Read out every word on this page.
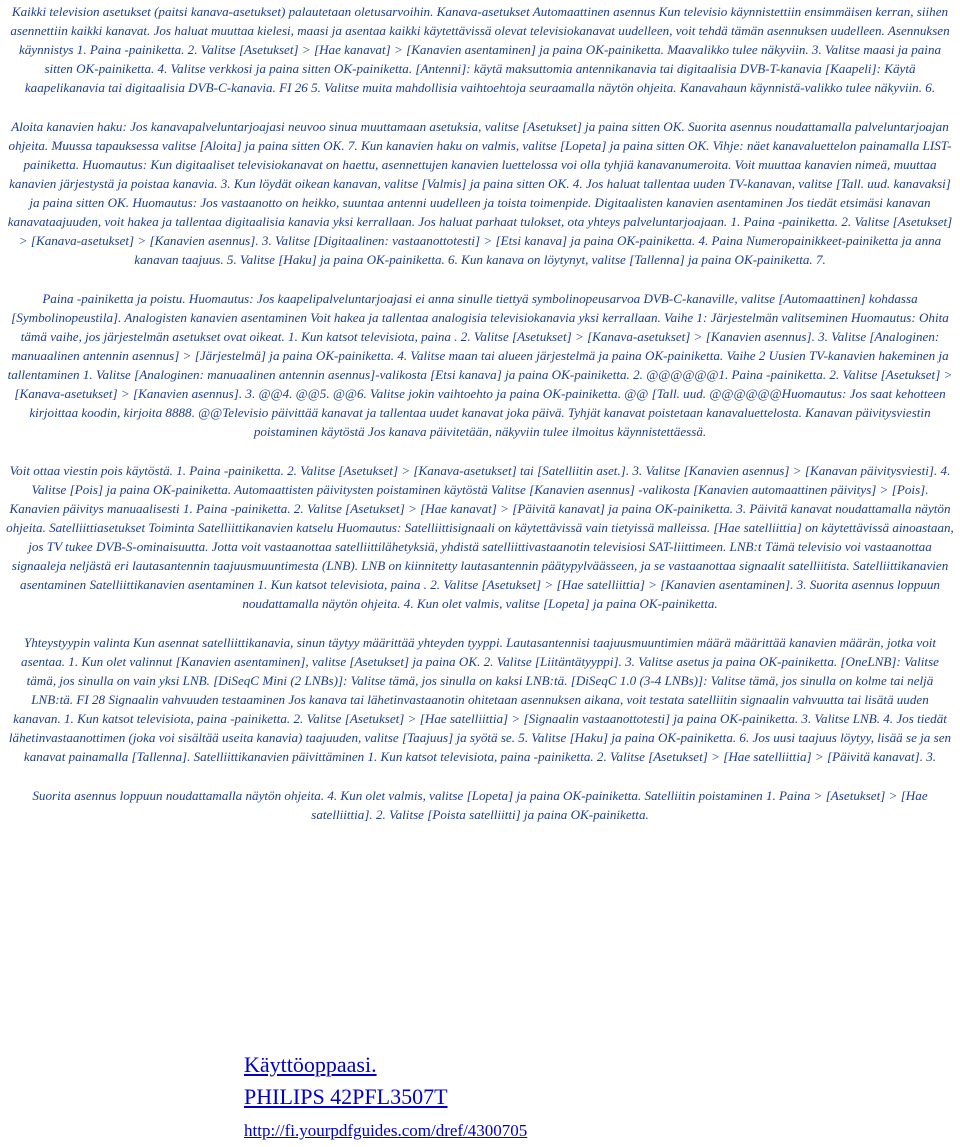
Kaikki television asetukset (paitsi kanava-asetukset) palautetaan oletusarvoihin. Kanava-asetukset Automaattinen asennus Kun televisio käynnistettiin ensimmäisen kerran, siihen asennettiin kaikki kanavat. Jos haluat muuttaa kielesi, maasi ja asentaa kaikki käytettävissä olevat televisiokanavat uudelleen, voit tehdä tämän asennuksen uudelleen. Asennuksen käynnistys 1. Paina -painiketta. 2. Valitse [Asetukset] > [Hae kanavat] > [Kanavien asentaminen] ja paina OK-painiketta. Maavalikko tulee näkyviin. 3. Valitse maasi ja paina sitten OK-painiketta. 4. Valitse verkkosi ja paina sitten OK-painiketta. [Antenni]: käytä maksuttomia antennikanavia tai digitaalisia DVB-T-kanavia [Kaapeli]: Käytä kaapelikanavia tai digitaalisia DVB-C-kanavia. FI 26 5. Valitse muita mahdollisia vaihtoehtoja seuraamalla näytön ohjeita. Kanavahaun käynnistä-valikko tulee näkyviin. 6.

Aloita kanavien haku: Jos kanavapalveluntarjoajasi neuvoo sinua muuttamaan asetuksia, valitse [Asetukset] ja paina sitten OK. Suorita asennus noudattamalla palveluntarjoajan ohjeita. Muussa tapauksessa valitse [Aloita] ja paina sitten OK. 7. Kun kanavien haku on valmis, valitse [Lopeta] ja paina sitten OK. Vihje: näet kanavaluettelon painamalla LIST-painiketta. Huomautus: Kun digitaaliset televisiokanavat on haettu, asennettujen kanavien luettelossa voi olla tyhjiä kanavanumeroita. Voit muuttaa kanavien nimeä, muuttaa kanavien järjestystä ja poistaa kanavia. 3. Kun löydät oikean kanavan, valitse [Valmis] ja paina sitten OK. 4. Jos haluat tallentaa uuden TV-kanavan, valitse [Tall. uud. kanavaksi] ja paina sitten OK. Huomautus: Jos vastaanotto on heikko, suuntaa antenni uudelleen ja toista toimenpide. Digitaalisten kanavien asentaminen Jos tiedät etsimäsi kanavan kanavataajuuden, voit hakea ja tallentaa digitaalisia kanavia yksi kerrallaan. Jos haluat parhaat tulokset, ota yhteys palveluntarjoajaan. 1. Paina -painiketta. 2. Valitse [Asetukset] > [Kanava-asetukset] > [Kanavien asennus]. 3. Valitse [Digitaalinen: vastaanottotesti] > [Etsi kanava] ja paina OK-painiketta. 4. Paina Numeropainikkeet-painiketta ja anna kanavan taajuus. 5. Valitse [Haku] ja paina OK-painiketta. 6. Kun kanava on löytynyt, valitse [Tallenna] ja paina OK-painiketta. 7.

Paina -painiketta ja poistu. Huomautus: Jos kaapelipalveluntarjoajasi ei anna sinulle tiettyä symbolinopeusarvoa DVB-C-kanaville, valitse [Automaattinen] kohdassa [Symbolinopeustila]. Analogisten kanavien asentaminen Voit hakea ja tallentaa analogisia televisiokanavia yksi kerrallaan. Vaihe 1: Järjestelmän valitseminen Huomautus: Ohita tämä vaihe, jos järjestelmän asetukset ovat oikeat. 1. Kun katsot televisiota, paina . 2. Valitse [Asetukset] > [Kanava-asetukset] > [Kanavien asennus]. 3. Valitse [Analoginen: manuaalinen antennin asennus] > [Järjestelmä] ja paina OK-painiketta. 4. Valitse maan tai alueen järjestelmä ja paina OK-painiketta. Vaihe 2 Uusien TV-kanavien hakeminen ja tallentaminen 1. Valitse [Analoginen: manuaalinen antennin asennus]-valikosta [Etsi kanava] ja paina OK-painiketta. 2. @@@@@@1. Paina -painiketta. 2. Valitse [Asetukset] > [Kanava-asetukset] > [Kanavien asennus]. 3. @@4. @@5. @@6. Valitse jokin vaihtoehto ja paina OK-painiketta. @@ [Tall. uud. @@@@@@Huomautus: Jos saat kehotteen kirjoittaa koodin, kirjoita 8888. @@Televisio päivittää kanavat ja tallentaa uudet kanavat joka päivä. Tyhjät kanavat poistetaan kanavaluettelosta. Kanavan päivitysviestin poistaminen käytöstä Jos kanava päivitetään, näkyviin tulee ilmoitus käynnistettäessä.

Voit ottaa viestin pois käytöstä. 1. Paina -painiketta. 2. Valitse [Asetukset] > [Kanava-asetukset] tai [Satelliitin aset.]. 3. Valitse [Kanavien asennus] > [Kanavan päivitysviesti]. 4. Valitse [Pois] ja paina OK-painiketta. Automaattisten päivitysten poistaminen käytöstä Valitse [Kanavien asennus] -valikosta [Kanavien automaattinen päivitys] > [Pois]. Kanavien päivitys manuaalisesti 1. Paina -painiketta. 2. Valitse [Asetukset] > [Hae kanavat] > [Päivitä kanavat] ja paina OK-painiketta. 3. Päivitä kanavat noudattamalla näytön ohjeita. Satelliittiasetukset Toiminta Satelliittikanavien katselu Huomautus: Satelliittisignaali on käytettävissä vain tietyissä malleissa. [Hae satelliittia] on käytettävissä ainoastaan, jos TV tukee DVB-S-ominaisuutta. Jotta voit vastaanottaa satelliittilähetyksiä, yhdistä satelliittivastaanotin televisiosi SAT-liittimeen. LNB:t Tämä televisio voi vastaanottaa signaaleja neljästä eri lautasantennin taajuusmuuntimesta (LNB). LNB on kiinnitetty lautasantennin päätypylväässeen, ja se vastaanottaa signaalit satelliitista. Satelliittikanavien asentaminen Satelliittikanavien asentaminen 1. Kun katsot televisiota, paina . 2. Valitse [Asetukset] > [Hae satelliittia] > [Kanavien asentaminen]. 3. Suorita asennus loppuun noudattamalla näytön ohjeita. 4. Kun olet valmis, valitse [Lopeta] ja paina OK-painiketta.

Yhteystyypin valinta Kun asennat satelliittikanavia, sinun täytyy määrittää yhteyden tyyppi. Lautasantennisi taajuusmuuntimien määrä määrittää kanavien määrän, jotka voit asentaa. 1. Kun olet valinnut [Kanavien asentaminen], valitse [Asetukset] ja paina OK. 2. Valitse [Liitäntätyyppi]. 3. Valitse asetus ja paina OK-painiketta. [OneLNB]: Valitse tämä, jos sinulla on vain yksi LNB. [DiSeqC Mini (2 LNBs)]: Valitse tämä, jos sinulla on kaksi LNB:tä. [DiSeqC 1.0 (3-4 LNBs)]: Valitse tämä, jos sinulla on kolme tai neljä LNB:tä. FI 28 Signaalin vahvuuden testaaminen Jos kanava tai lähetinvastaanotin ohitetaan asennuksen aikana, voit testata satelliitin signaalin vahvuutta tai lisätä uuden kanavan. 1. Kun katsot televisiota, paina -painiketta. 2. Valitse [Asetukset] > [Hae satelliittia] > [Signaalin vastaanottotesti] ja paina OK-painiketta. 3. Valitse LNB. 4. Jos tiedät lähetinvastaanottimen (joka voi sisältää useita kanavia) taajuuden, valitse [Taajuus] ja syötä se. 5. Valitse [Haku] ja paina OK-painiketta. 6. Jos uusi taajuus löytyy, lisää se ja sen kanavat painamalla [Tallenna]. Satelliittikanavien päivittäminen 1. Kun katsot televisiota, paina -painiketta. 2. Valitse [Asetukset] > [Hae satelliittia] > [Päivitä kanavat]. 3.

Suorita asennus loppuun noudattamalla näytön ohjeita. 4. Kun olet valmis, valitse [Lopeta] ja paina OK-painiketta. Satelliitin poistaminen 1. Paina > [Asetukset] > [Hae satelliittia]. 2. Valitse [Poista satelliitti] ja paina OK-painiketta.

Käyttöoppaasi.
PHILIPS 42PFL3507T
http://fi.yourpdfguides.com/dref/4300705
